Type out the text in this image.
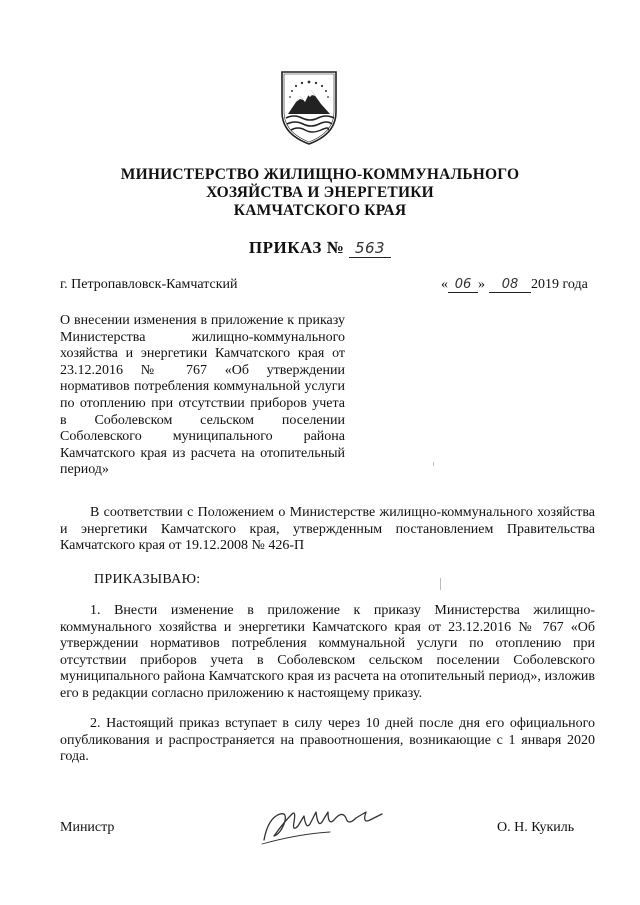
МИНИСТЕРСТВО ЖИЛИЩНО-КОММУНАЛЬНОГО
ХОЗЯЙСТВА И ЭНЕРГЕТИКИ
КАМЧАТСКОГО КРАЯ
ПРИКАЗ № 563
г. Петропавловск-Камчатский	« 06 » 08 2019 года
О внесении изменения в приложение к приказу Министерства жилищно-коммунального хозяйства и энергетики Камчатского края от 23.12.2016 № 767 «Об утверждении нормативов потребления коммунальной услуги по отоплению при отсутствии приборов учета в Соболевском сельском поселении Соболевского муниципального района Камчатского края из расчета на отопительный период»

В соответствии с Положением о Министерстве жилищно-коммунального хозяйства и энергетики Камчатского края, утвержденным постановлением Правительства Камчатского края от 19.12.2008 № 426-П

ПРИКАЗЫВАЮ:

1. Внести изменение в приложение к приказу Министерства жилищно-коммунального хозяйства и энергетики Камчатского края от 23.12.2016 № 767 «Об утверждении нормативов потребления коммунальной услуги по отоплению при отсутствии приборов учета в Соболевском сельском поселении Соболевского муниципального района Камчатского края из расчета на отопительный период», изложив его в редакции согласно приложению к настоящему приказу.

2. Настоящий приказ вступает в силу через 10 дней после дня его официального опубликования и распространяется на правоотношения, возникающие с 1 января 2020 года.

Министр	О. Н. Кукиль
